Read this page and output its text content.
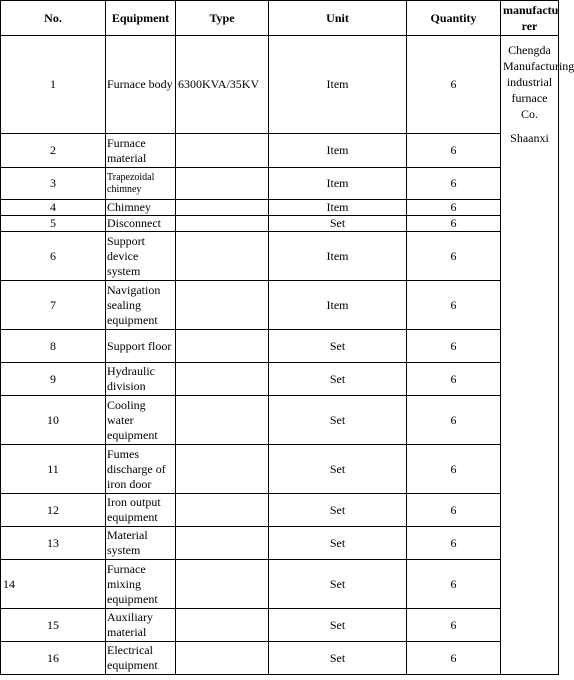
No.	Equipment	Type	Unit	Quantity	manufactu rer
1	Furnace body	6300KVA/35KV	Item	6	Chengda Manufacturing industrial furnace Co.
Shaanxi

2	Furnace material		Item	6	
3	Trapezoidal chimney		Item	6	
4	Chimney		Item	6	
5	Disconnect		Set	6	
6	Support device system		Item	6	
7	Navigation sealing equipment		Item	6	
8	Support floor		Set	6	
9	Hydraulic division		Set	6	
10	Cooling water equipment		Set	6	
11	Fumes discharge of iron door		Set	6	
12	Iron output equipment		Set	6	
13	Material system		Set	6	
14	Furnace mixing equipment		Set	6	
15	Auxiliary material		Set	6	
16	Electrical equipment		Set	6	
